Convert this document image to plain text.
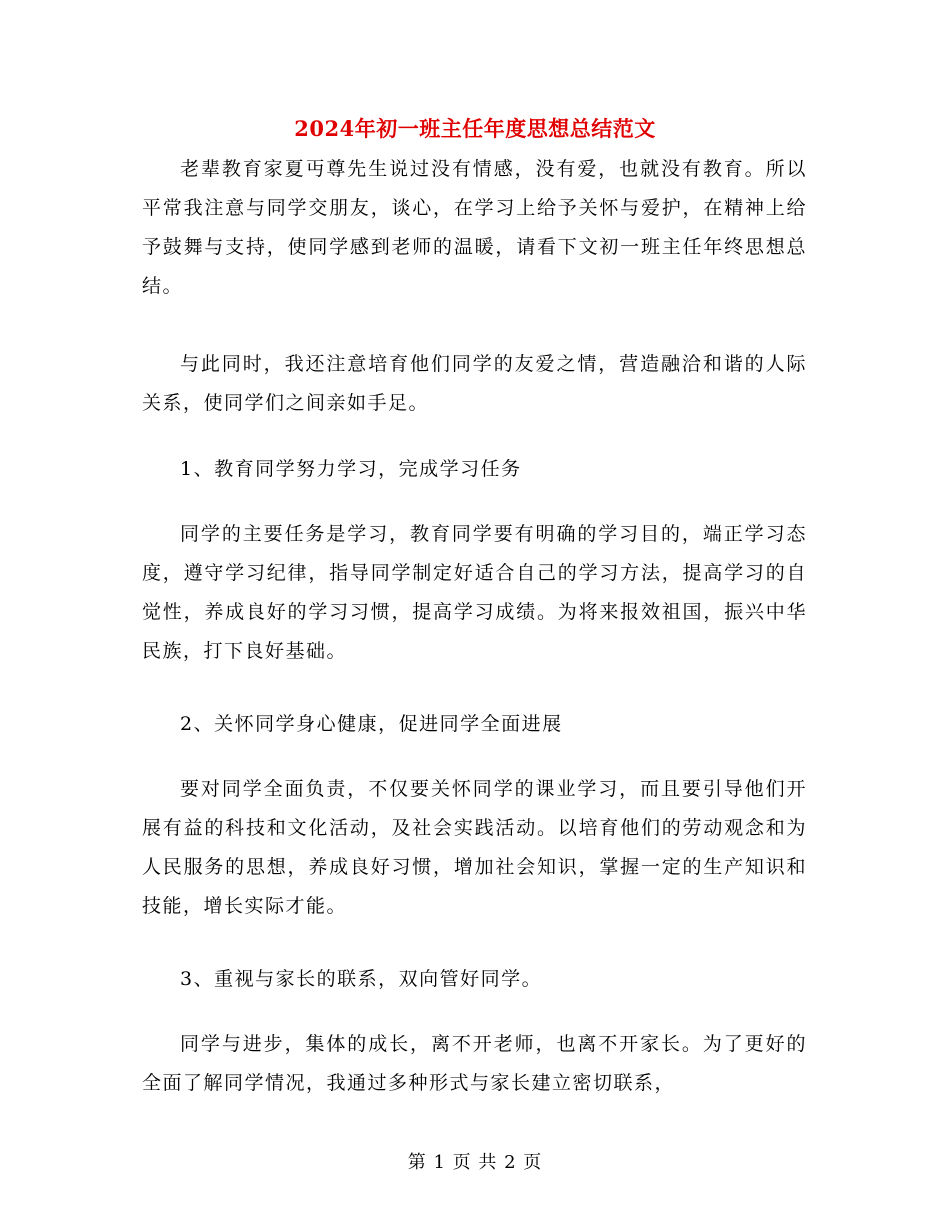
2024年初一班主任年度思想总结范文

老辈教育家夏丏尊先生说过没有情感，没有爱，也就没有教育。所以平常我注意与同学交朋友，谈心，在学习上给予关怀与爱护，在精神上给予鼓舞与支持，使同学感到老师的温暖，请看下文初一班主任年终思想总结。

与此同时，我还注意培育他们同学的友爱之情，营造融洽和谐的人际关系，使同学们之间亲如手足。

1、教育同学努力学习，完成学习任务

同学的主要任务是学习，教育同学要有明确的学习目的，端正学习态度，遵守学习纪律，指导同学制定好适合自己的学习方法，提高学习的自觉性，养成良好的学习习惯，提高学习成绩。为将来报效祖国，振兴中华民族，打下良好基础。

2、关怀同学身心健康，促进同学全面进展

要对同学全面负责，不仅要关怀同学的课业学习，而且要引导他们开展有益的科技和文化活动，及社会实践活动。以培育他们的劳动观念和为人民服务的思想，养成良好习惯，增加社会知识，掌握一定的生产知识和技能，增长实际才能。

3、重视与家长的联系，双向管好同学。

同学与进步，集体的成长，离不开老师，也离不开家长。为了更好的全面了解同学情况，我通过多种形式与家长建立密切联系，

第 1 页 共 2 页
